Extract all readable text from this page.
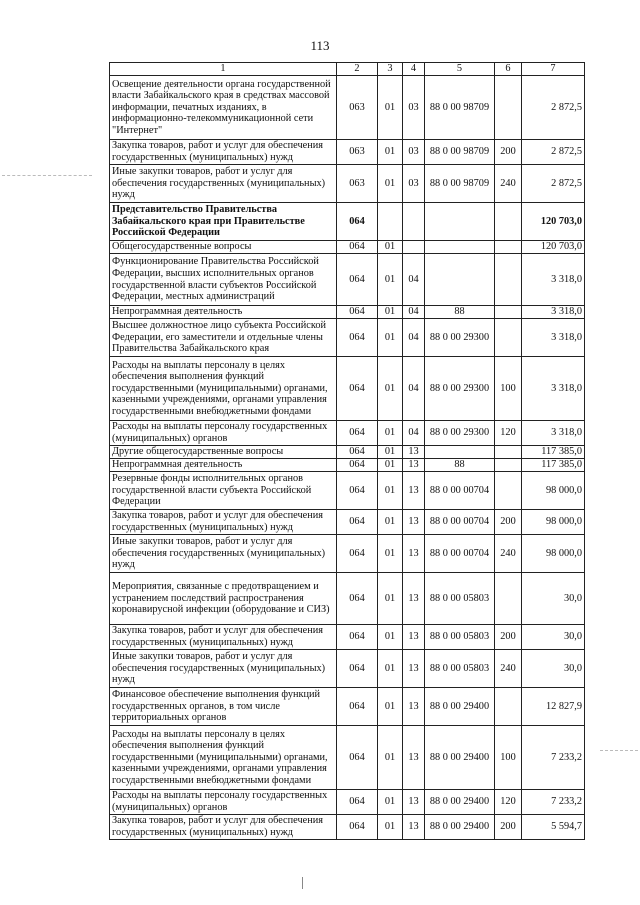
113
1	2	3	4	5	6	7
Освещение деятельности органа государственной власти Забайкальского края в средствах массовой информации, печатных изданиях, в информационно-телекоммуникационной сети "Интернет"	063	01	03	88 0 00 98709		2 872,5
Закупка товаров, работ и услуг для обеспечения государственных (муниципальных) нужд	063	01	03	88 0 00 98709	200	2 872,5
Иные закупки товаров, работ и услуг для обеспечения государственных (муниципальных) нужд	063	01	03	88 0 00 98709	240	2 872,5
Представительство Правительства Забайкальского края при Правительстве Российской Федерации	064					120 703,0
Общегосударственные вопросы	064	01				120 703,0
Функционирование Правительства Российской Федерации, высших исполнительных органов государственной власти субъектов Российской Федерации, местных администраций	064	01	04			3 318,0
Непрограммная деятельность	064	01	04	88		3 318,0
Высшее должностное лицо субъекта Российской Федерации, его заместители и отдельные члены Правительства Забайкальского края	064	01	04	88 0 00 29300		3 318,0
Расходы на выплаты персоналу в целях обеспечения выполнения функций государственными (муниципальными) органами, казенными учреждениями, органами управления государственными внебюджетными фондами	064	01	04	88 0 00 29300	100	3 318,0
Расходы на выплаты персоналу государственных (муниципальных) органов	064	01	04	88 0 00 29300	120	3 318,0
Другие общегосударственные вопросы	064	01	13			117 385,0
Непрограммная деятельность	064	01	13	88		117 385,0
Резервные фонды исполнительных органов государственной власти субъекта Российской Федерации	064	01	13	88 0 00 00704		98 000,0
Закупка товаров, работ и услуг для обеспечения государственных (муниципальных) нужд	064	01	13	88 0 00 00704	200	98 000,0
Иные закупки товаров, работ и услуг для обеспечения государственных (муниципальных) нужд	064	01	13	88 0 00 00704	240	98 000,0
Мероприятия, связанные с предотвращением и устранением последствий распространения коронавирусной инфекции (оборудование и СИЗ)	064	01	13	88 0 00 05803		30,0
Закупка товаров, работ и услуг для обеспечения государственных (муниципальных) нужд	064	01	13	88 0 00 05803	200	30,0
Иные закупки товаров, работ и услуг для обеспечения государственных (муниципальных) нужд	064	01	13	88 0 00 05803	240	30,0
Финансовое обеспечение выполнения функций государственных органов, в том числе территориальных органов	064	01	13	88 0 00 29400		12 827,9
Расходы на выплаты персоналу в целях обеспечения выполнения функций государственными (муниципальными) органами, казенными учреждениями, органами управления государственными внебюджетными фондами	064	01	13	88 0 00 29400	100	7 233,2
Расходы на выплаты персоналу государственных (муниципальных) органов	064	01	13	88 0 00 29400	120	7 233,2
Закупка товаров, работ и услуг для обеспечения государственных (муниципальных) нужд	064	01	13	88 0 00 29400	200	5 594,7
